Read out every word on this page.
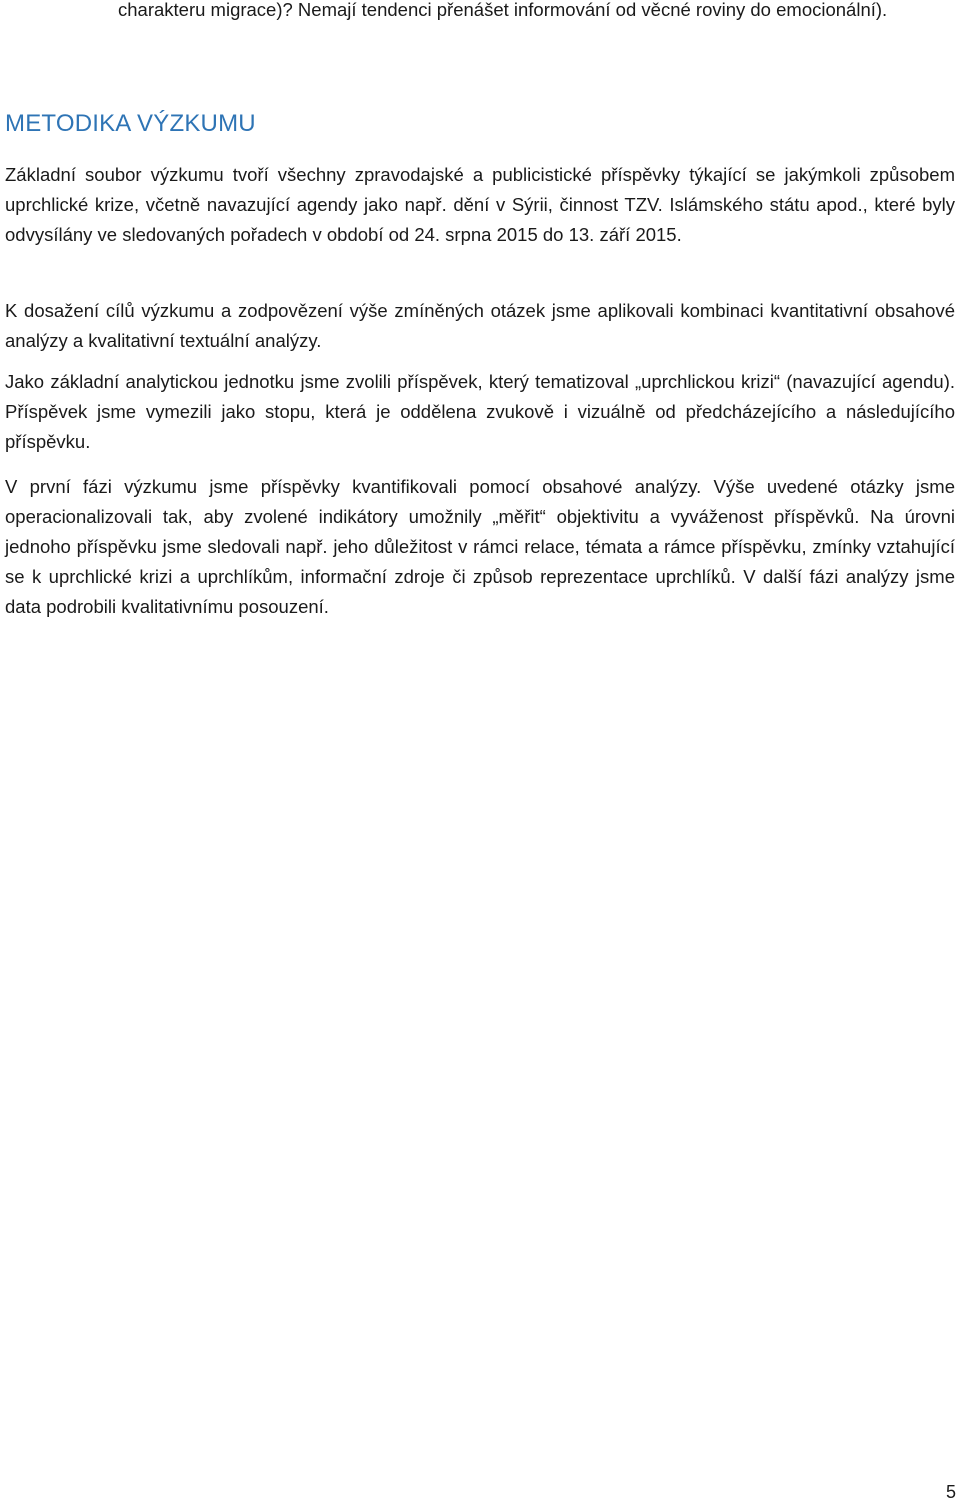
charakteru migrace)? Nemají tendenci přenášet informování od věcné roviny do emocionální).

METODIKA VÝZKUMU

Základní soubor výzkumu tvoří všechny zpravodajské a publicistické příspěvky týkající se jakýmkoli způsobem uprchlické krize, včetně navazující agendy jako např. dění v Sýrii, činnost TZV. Islámského státu apod., které byly odvysílány ve sledovaných pořadech v období od 24. srpna 2015 do 13. září 2015.

K dosažení cílů výzkumu a zodpovězení výše zmíněných otázek jsme aplikovali kombinaci kvantitativní obsahové analýzy a kvalitativní textuální analýzy.

Jako základní analytickou jednotku jsme zvolili příspěvek, který tematizoval „uprchlickou krizi“ (navazující agendu). Příspěvek jsme vymezili jako stopu, která je oddělena zvukově i vizuálně od předcházejícího a následujícího příspěvku.

V první fázi výzkumu jsme příspěvky kvantifikovali pomocí obsahové analýzy. Výše uvedené otázky jsme operacionalizovali tak, aby zvolené indikátory umožnily „měřit“ objektivitu a vyváženost příspěvků. Na úrovni jednoho příspěvku jsme sledovali např. jeho důležitost v rámci relace, témata a rámce příspěvku, zmínky vztahující se k uprchlické krizi a uprchlíkům, informační zdroje či způsob reprezentace uprchlíků. V další fázi analýzy jsme data podrobili kvalitativnímu posouzení.

5
